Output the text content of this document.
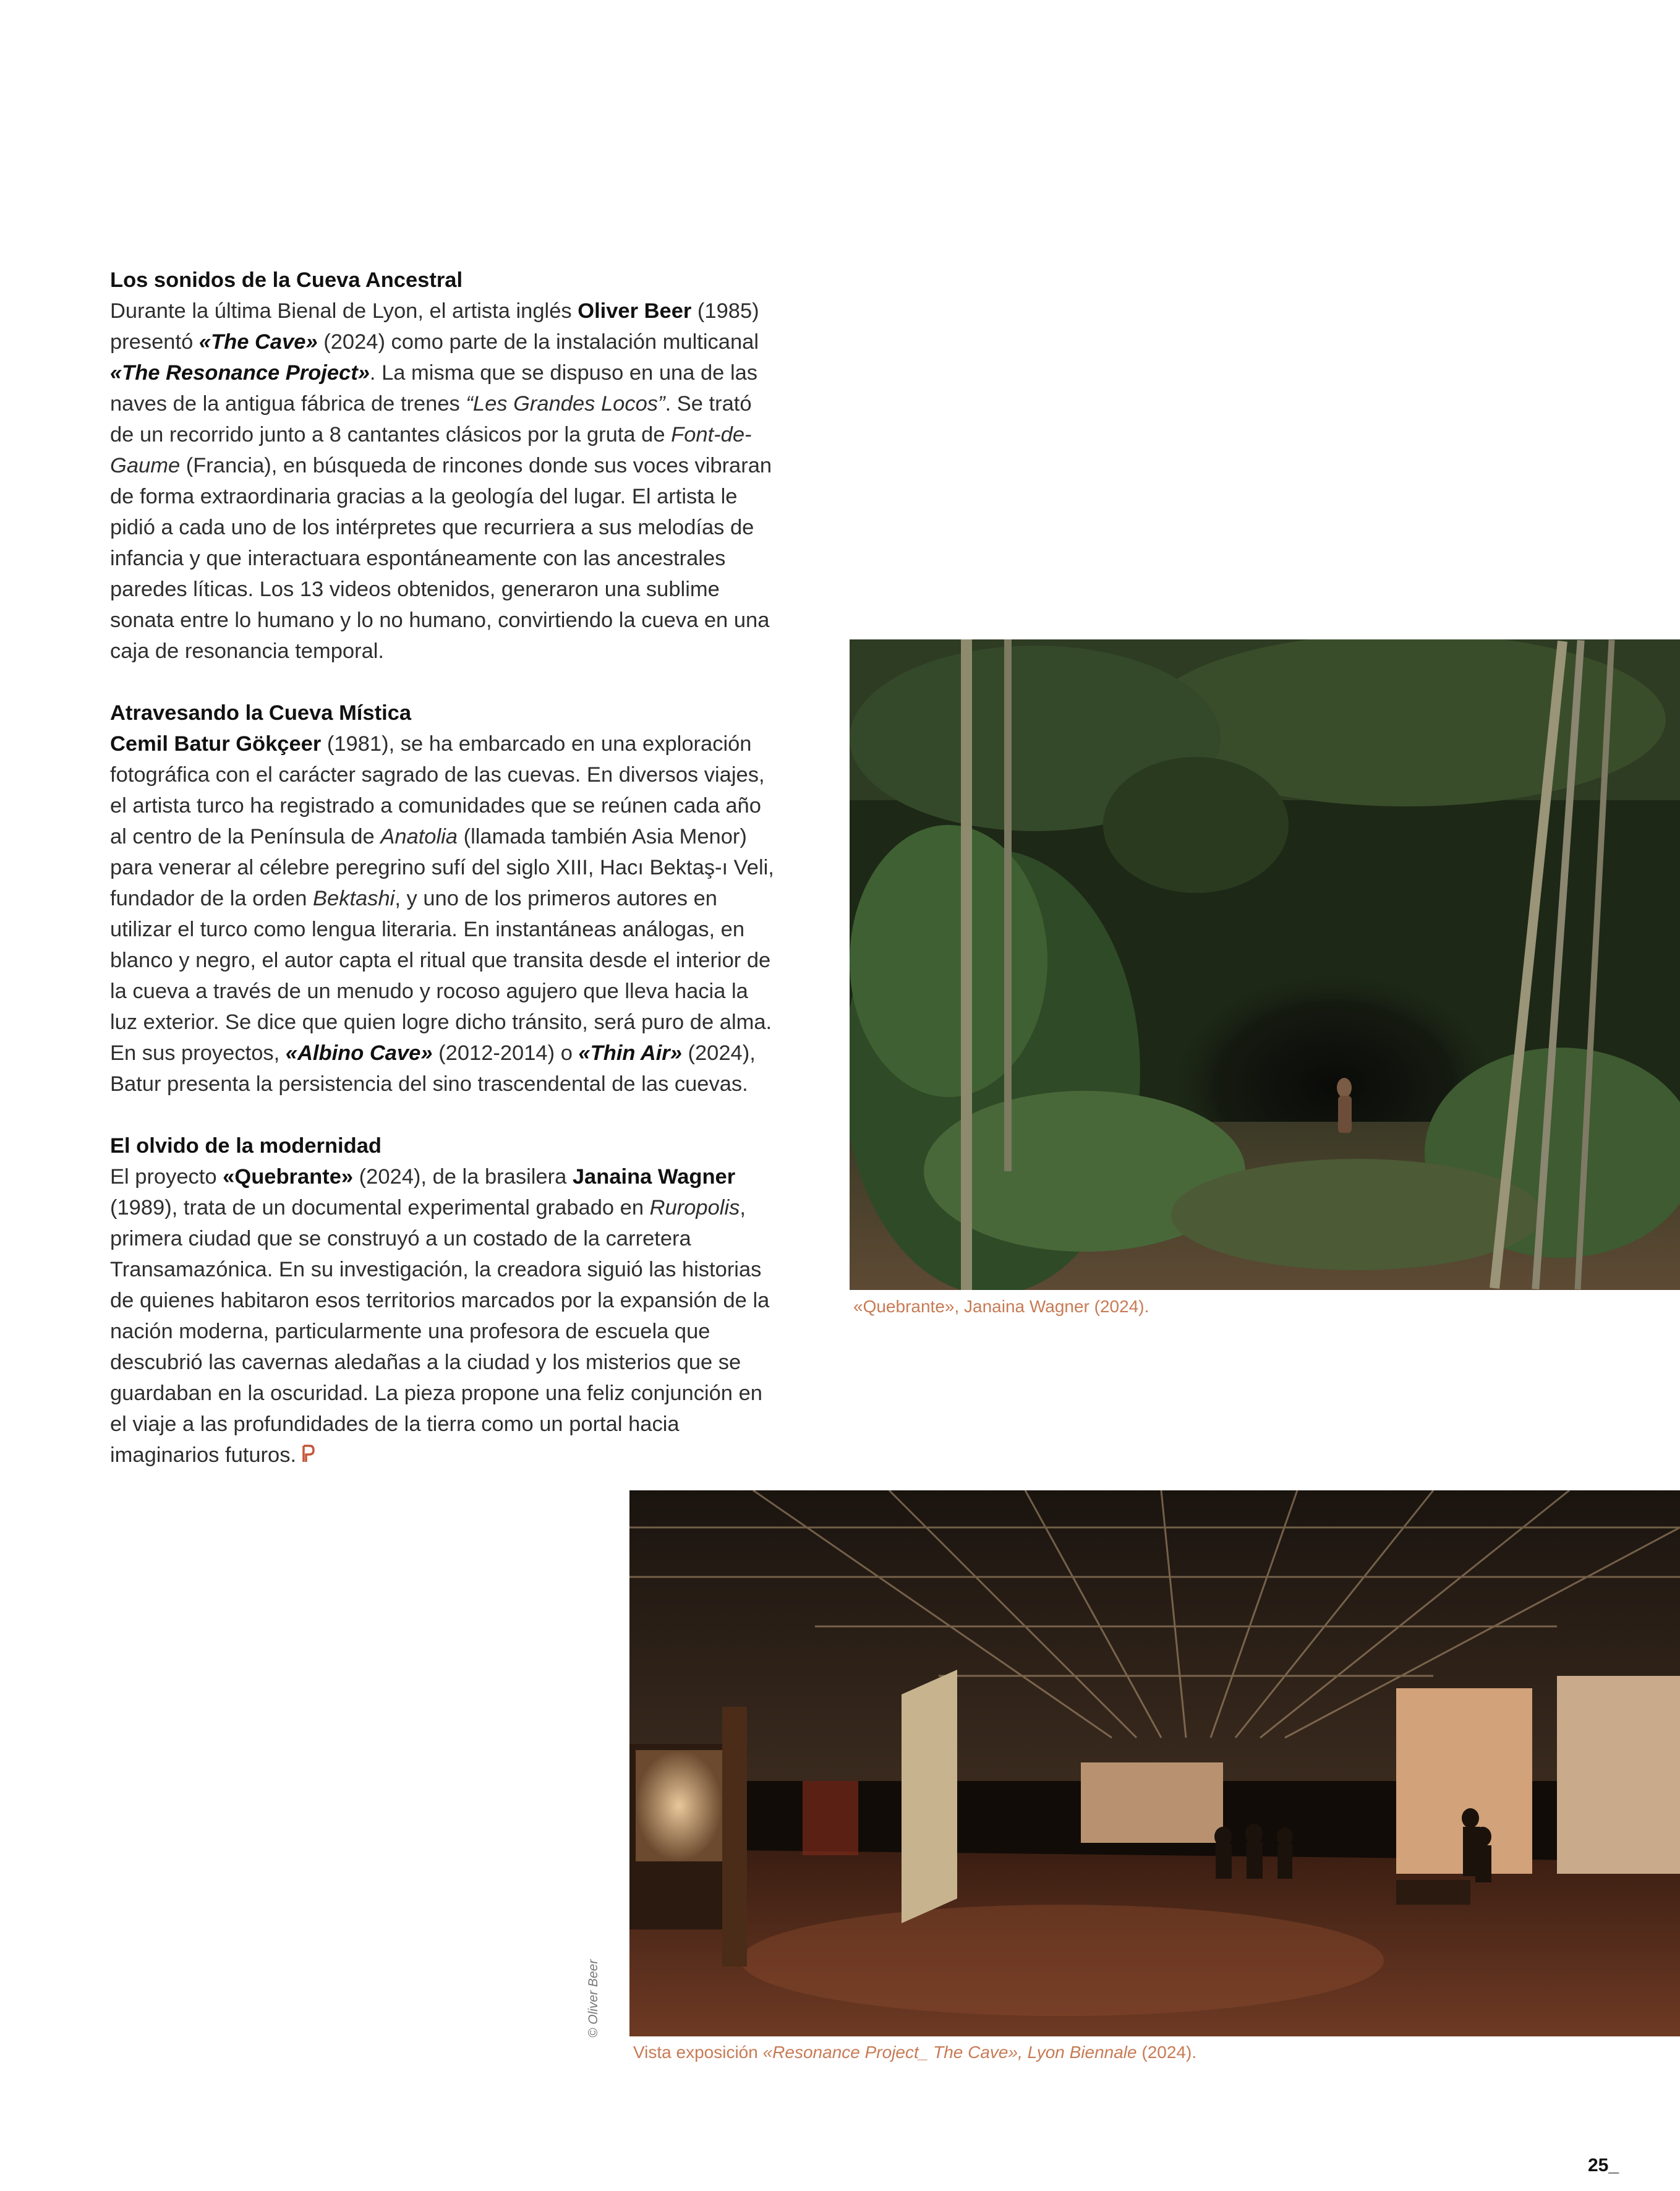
Los sonidos de la Cueva Ancestral

Durante la última Bienal de Lyon, el artista inglés Oliver Beer (1985) presentó «The Cave» (2024) como parte de la instalación multicanal «The Resonance Project». La misma que se dispuso en una de las naves de la antigua fábrica de trenes “Les Grandes Locos”. Se trató de un recorrido junto a 8 cantantes clásicos por la gruta de Font-de-Gaume (Francia), en búsqueda de rincones donde sus voces vibraran de forma extraordinaria gracias a la geología del lugar. El artista le pidió a cada uno de los intérpretes que recurriera a sus melodías de infancia y que interactuara espontáneamente con las ancestrales paredes líticas. Los 13 videos obtenidos, generaron una sublime sonata entre lo humano y lo no humano, convirtiendo la cueva en una caja de resonancia temporal.

Atravesando la Cueva Mística

Cemil Batur Gökçeer (1981), se ha embarcado en una exploración fotográfica con el carácter sagrado de las cuevas. En diversos viajes, el artista turco ha registrado a comunidades que se reúnen cada año al centro de la Península de Anatolia (llamada también Asia Menor) para venerar al célebre peregrino sufí del siglo XIII, Hacı Bektaş-ı Veli, fundador de la orden Bektashi, y uno de los primeros autores en utilizar el turco como lengua literaria. En instantáneas análogas, en blanco y negro, el autor capta el ritual que transita desde el interior de la cueva a través de un menudo y rocoso agujero que lleva hacia la luz exterior. Se dice que quien logre dicho tránsito, será puro de alma. En sus proyectos, «Albino Cave» (2012-2014) o «Thin Air» (2024), Batur presenta la persistencia del sino trascendental de las cuevas.

El olvido de la modernidad

El proyecto «Quebrante» (2024), de la brasilera Janaina Wagner (1989), trata de un documental experimental grabado en Ruropolis, primera ciudad que se construyó a un costado de la carretera Transamazónica. En su investigación, la creadora siguió las historias de quienes habitaron esos territorios marcados por la expansión de la nación moderna, particularmente una profesora de escuela que descubrió las cavernas aledañas a la ciudad y los misterios que se guardaban en la oscuridad. La pieza propone una feliz conjunción en el viaje a las profundidades de la tierra como un portal hacia imaginarios futuros.

«Quebrante», Janaina Wagner (2024).
© Oliver Beer
Vista exposición «Resonance Project_ The Cave», Lyon Biennale (2024).
25_
